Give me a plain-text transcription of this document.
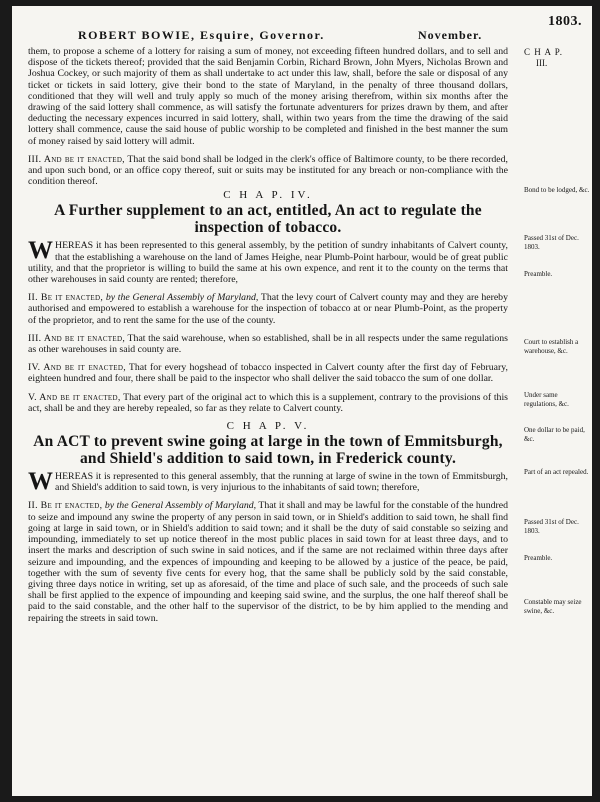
ROBERT BOWIE, Esquire, Governor.	November.
1803.

them, to propose a scheme of a lottery for raising a sum of money, not exceeding fifteen hundred dollars, and to sell and dispose of the tickets thereof; provided that the said Benjamin Corbin, Richard Brown, John Myers, Nicholas Brown and Joshua Cockey, or such majority of them as shall undertake to act under this law, shall, before the sale or disposal of any ticket or tickets in said lottery, give their bond to the state of Maryland, in the penalty of three thousand dollars, conditioned that they will well and truly apply so much of the money arising therefrom, within six months after the drawing of the said lottery shall commence, as will satisfy the fortunate adventurers for prizes drawn by them, and after deducting the necessary expences incurred in said lottery, shall, within two years from the time the drawing of the said lottery shall commence, cause the said house of public worship to be completed and finished in the best manner the sum of money raised by said lottery will admit.

III. And be it enacted, That the said bond shall be lodged in the clerk's office of Baltimore county, to be there recorded, and upon such bond, or an office copy thereof, suit or suits may be instituted for any breach or non-compliance with the condition thereof.

C H A P. IV.
A Further supplement to an act, entitled, An act to regulate the inspection of tobacco.

WHEREAS it has been represented to this general assembly, by the petition of sundry inhabitants of Calvert county, that the establishing a warehouse on the land of James Heighe, near Plumb-Point harbour, would be of great public utility, and that the proprietor is willing to build the same at his own expence, and rent it to the county on the terms that other warehouses in said county are rented; therefore,

II. Be it enacted, by the General Assembly of Maryland, That the levy court of Calvert county may and they are hereby authorised and empowered to establish a warehouse for the inspection of tobacco at or near Plumb-Point, as the property of the proprietor, and to rent the same for the use of the county.

III. And be it enacted, That the said warehouse, when so established, shall be in all respects under the same regulations as other warehouses in said county are.

IV. And be it enacted, That for every hogshead of tobacco inspected in Calvert county after the first day of February, eighteen hundred and four, there shall be paid to the inspector who shall deliver the said tobacco the sum of one dollar.

V. And be it enacted, That every part of the original act to which this is a supplement, contrary to the provisions of this act, shall be and they are hereby repealed, so far as they relate to Calvert county.

C H A P. V.
An ACT to prevent swine going at large in the town of Emmitsburgh, and Shield's addition to said town, in Frederick county.

WHEREAS it is represented to this general assembly, that the running at large of swine in the town of Emmitsburgh, and Shield's addition to said town, is very injurious to the inhabitants of said town; therefore,

II. Be it enacted, by the General Assembly of Maryland, That it shall and may be lawful for the constable of the hundred to seize and impound any swine the property of any person in said town, or in Shield's addition to said town, he shall find going at large in said town, or in Shield's addition to said town; and it shall be the duty of said constable so seizing and impounding, immediately to set up notice thereof in the most public places in said town for at least three days, and to insert the marks and description of such swine in said notices, and if the same are not reclaimed within three days after seizure and impounding, and the expences of impounding and keeping to be allowed by a justice of the peace, be paid, together with the sum of seventy five cents for every hog, that the same shall be publicly sold by the said constable, giving three days notice in writing, set up as aforesaid, of the time and place of such sale, and the proceeds of such sale shall be first applied to the expence of impounding and keeping said swine, and the surplus, the one half thereof shall be paid to the said constable, and the other half to the supervisor of the district, to be by him applied to the mending and repairing the streets in said town.

C H A P.
III.
Bond to be lodged, &c.
Passed 31st of Dec. 1803.
Preamble.
Court to establish a warehouse, &c.
Under same regulations, &c.
One dollar to be paid, &c.
Part of an act repealed.
Passed 31st of Dec. 1803.
Preamble.
Constable may seize swine, &c.
